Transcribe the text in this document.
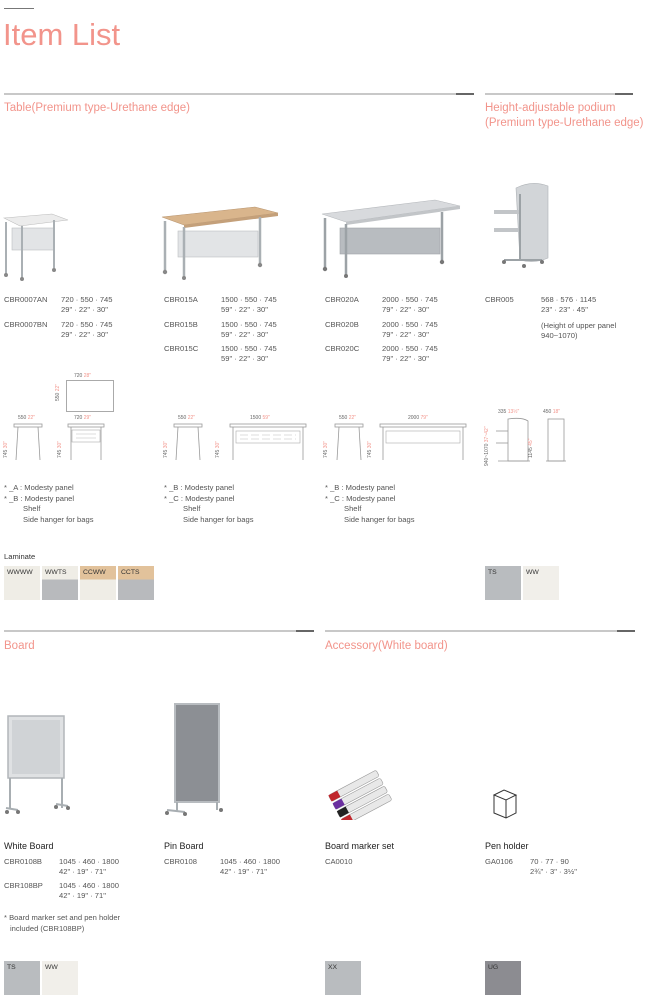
Item List
Table(Premium type-Urethane edge)	Height-adjustable podium
(Premium type-Urethane edge)
CBR0007AN 720 · 550 · 745
29" · 22" · 30"
CBR0007BN 720 · 550 · 745
29" · 22" · 30"
CBR015A	1500 · 550 · 745
59" · 22" · 30"
CBR015B	1500 · 550 · 745
59" · 22" · 30"
CBR015C	1500 · 550 · 745
59" · 22" · 30"
CBR020A	2000 · 550 · 745
79" · 22" · 30"
CBR020B	2000 · 550 · 745
79" · 22" · 30"
CBR020C	2000 · 550 · 745
79" · 22" · 30"
CBR005	568 · 576 · 1145
23" · 23" · 45"
(Height of upper panel
940~1070)
720 28"
550 22"
550 22"	720 29"
745 30"
745 30"
550 22"	1500 59"
745 30"
745 30"
550 22"	2000 79"
745 30"
745 30"
335 13½"	450 18"
940~1070 37~42"
1145 45"
* _A : Modesty panel
* _B : Modesty panel
Shelf
Side hanger for bags
* _B : Modesty panel
* _C : Modesty panel
Shelf
Side hanger for bags
* _B : Modesty panel
* _C : Modesty panel
Shelf
Side hanger for bags
Laminate
WWWW	WWTS	CCWW	CCTS	TS	WW
Board	Accessory(White board)
White Board
CBR0108B 1045 · 460 · 1800
42" · 19" · 71"
CBR108BP 1045 · 460 · 1800
42" · 19" · 71"
Pin Board
CBR0108	1045 · 460 · 1800
42" · 19" · 71"
Board marker set
CA0010
Pen holder
GA0106 70 · 77 · 90
2¾" · 3" · 3½"
* Board marker set and pen holder
included (CBR108BP)
TS	WW	XX	UG
